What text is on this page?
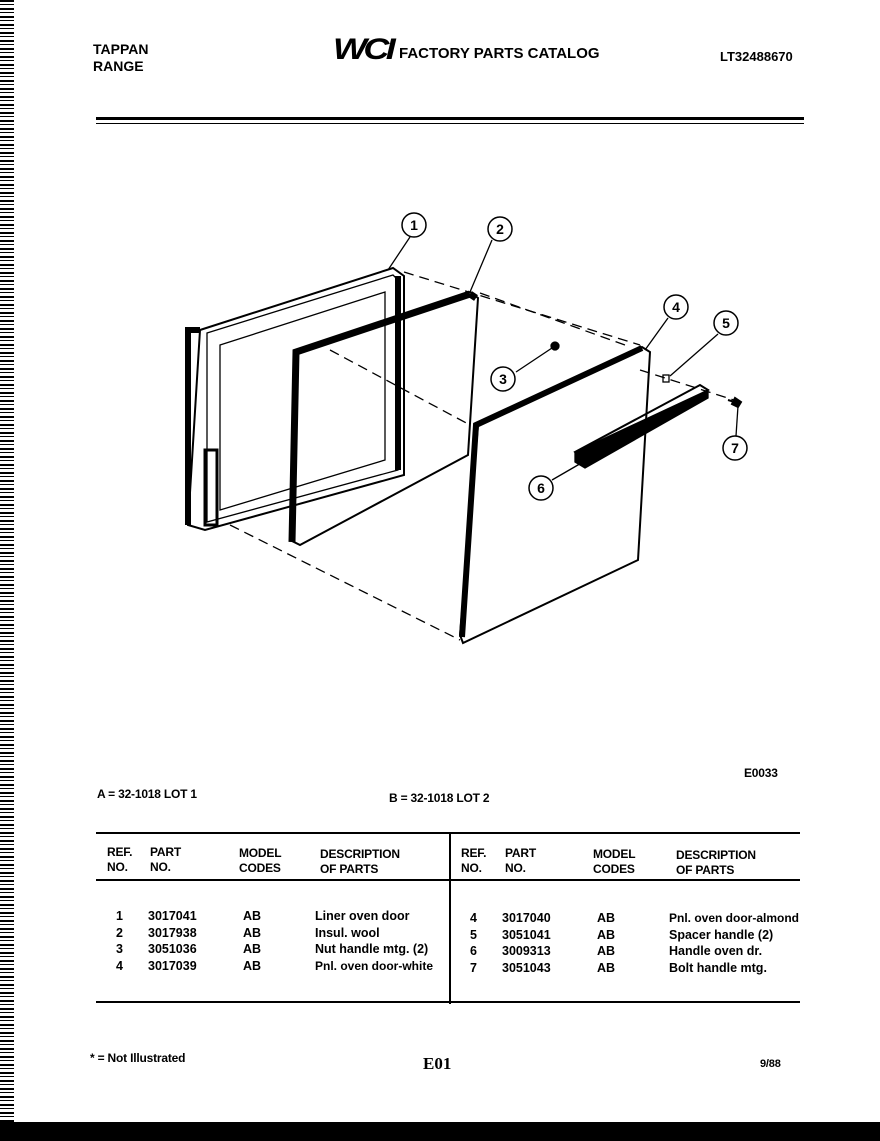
TAPPAN
RANGE	WCI FACTORY PARTS CATALOG	LT32488670
1	2
3
4
5
6
7
E0033
A = 32-1018 LOT 1	B = 32-1018 LOT 2
REF.
NO.
PART
NO.
MODEL
CODES
DESCRIPTION
OF PARTS
REF.
NO.
PART
NO.
MODEL
CODES
DESCRIPTION
OF PARTS
1 3017041	AB	Liner oven door
2 3017938	AB	Insul. wool
3 3051036	AB	Nut handle mtg. (2)
4 3017039	AB	Pnl. oven door-white
4 3017040	AB	Pnl. oven door-almond
5 3051041	AB	Spacer handle (2)
6 3009313	AB	Handle oven dr.
7 3051043	AB	Bolt handle mtg.
* = Not Illustrated	E01	9/88
